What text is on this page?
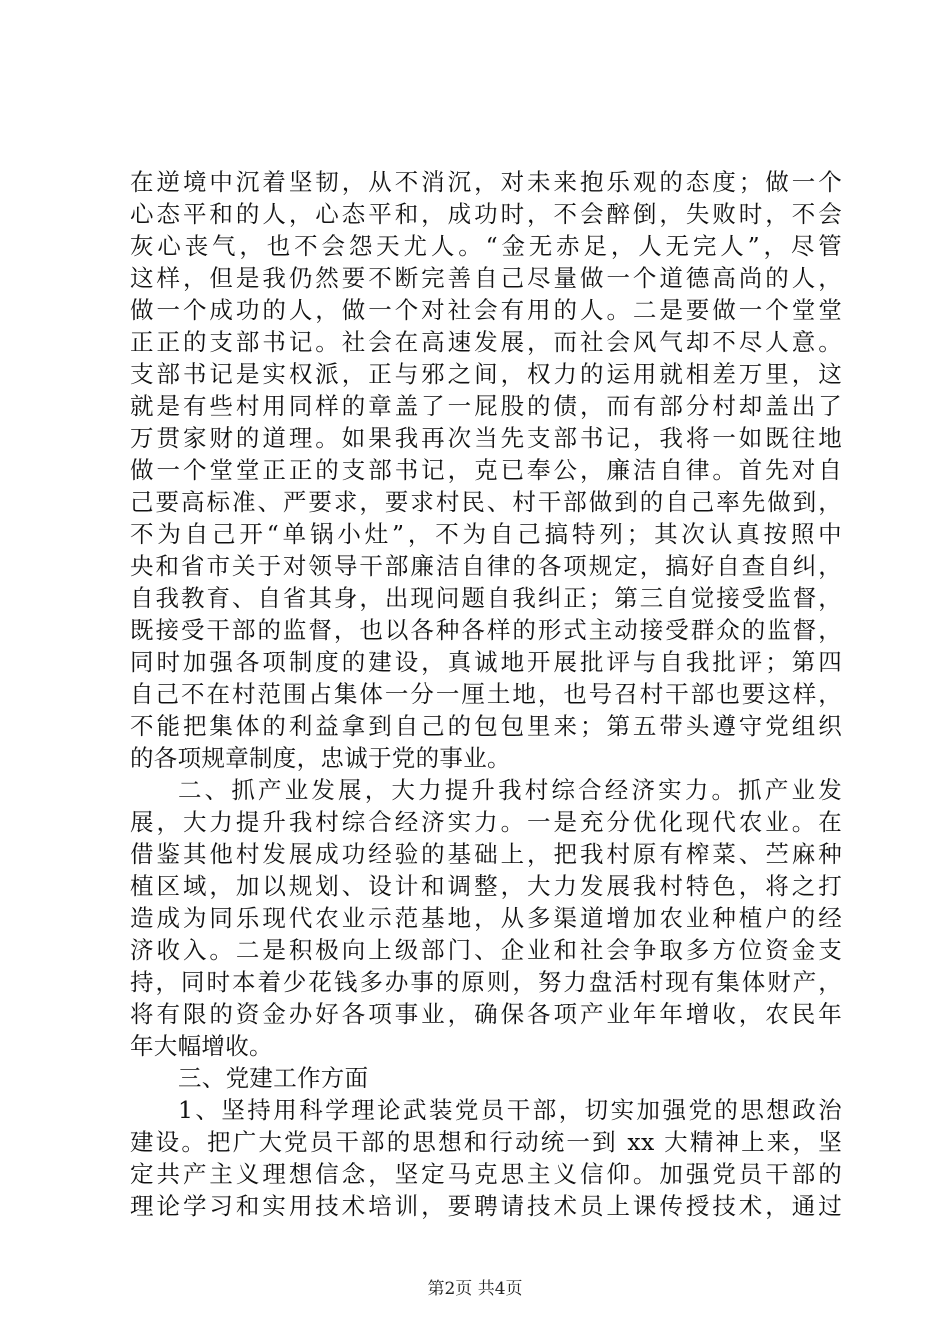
在逆境中沉着坚韧，从不消沉，对未来抱乐观的态度；做一个
心态平和的人，心态平和，成功时，不会醉倒，失败时，不会
灰心丧气，也不会怨天尤人。“金无赤足，人无完人”，尽管
这样，但是我仍然要不断完善自己尽量做一个道德高尚的人，
做一个成功的人，做一个对社会有用的人。二是要做一个堂堂
正正的支部书记。社会在高速发展，而社会风气却不尽人意。
支部书记是实权派，正与邪之间，权力的运用就相差万里，这
就是有些村用同样的章盖了一屁股的债，而有部分村却盖出了
万贯家财的道理。如果我再次当先支部书记，我将一如既往地
做一个堂堂正正的支部书记，克已奉公，廉洁自律。首先对自
己要高标准、严要求，要求村民、村干部做到的自己率先做到，
不为自己开“单锅小灶”，不为自己搞特列；其次认真按照中
央和省市关于对领导干部廉洁自律的各项规定，搞好自查自纠，
自我教育、自省其身，出现问题自我纠正；第三自觉接受监督，
既接受干部的监督，也以各种各样的形式主动接受群众的监督，
同时加强各项制度的建设，真诚地开展批评与自我批评；第四
自己不在村范围占集体一分一厘土地，也号召村干部也要这样，
不能把集体的利益拿到自己的包包里来；第五带头遵守党组织
的各项规章制度，忠诚于党的事业。
二、抓产业发展，大力提升我村综合经济实力。抓产业发
展，大力提升我村综合经济实力。一是充分优化现代农业。在
借鉴其他村发展成功经验的基础上，把我村原有榨菜、苎麻种
植区域，加以规划、设计和调整，大力发展我村特色，将之打
造成为同乐现代农业示范基地，从多渠道增加农业种植户的经
济收入。二是积极向上级部门、企业和社会争取多方位资金支
持，同时本着少花钱多办事的原则，努力盘活村现有集体财产，
将有限的资金办好各项事业，确保各项产业年年增收，农民年
年大幅增收。
三、党建工作方面
1、坚持用科学理论武装党员干部，切实加强党的思想政治
建设。把广大党员干部的思想和行动统一到 xx 大精神上来，坚
定共产主义理想信念，坚定马克思主义信仰。加强党员干部的
理论学习和实用技术培训，要聘请技术员上课传授技术，通过
第2页 共4页
